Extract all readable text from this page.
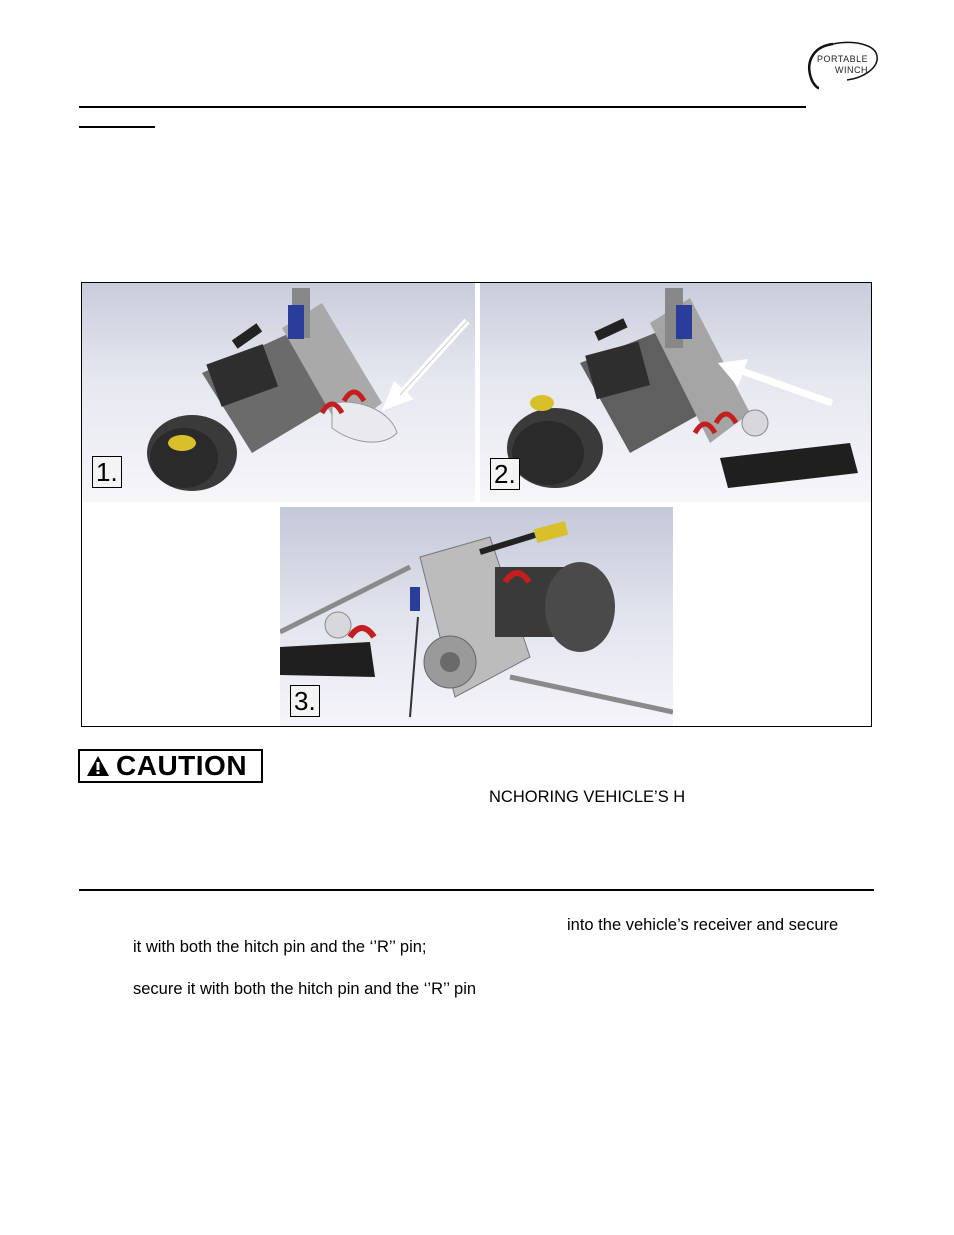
PORTABLE
WINCH
1.	2.
3.
CAUTION
NCHORING VEHICLE’S H
into the vehicle’s receiver and secure
it with both the hitch pin and the ‘’R’’ pin;
secure it with both the hitch pin and the ‘’R’’ pin
